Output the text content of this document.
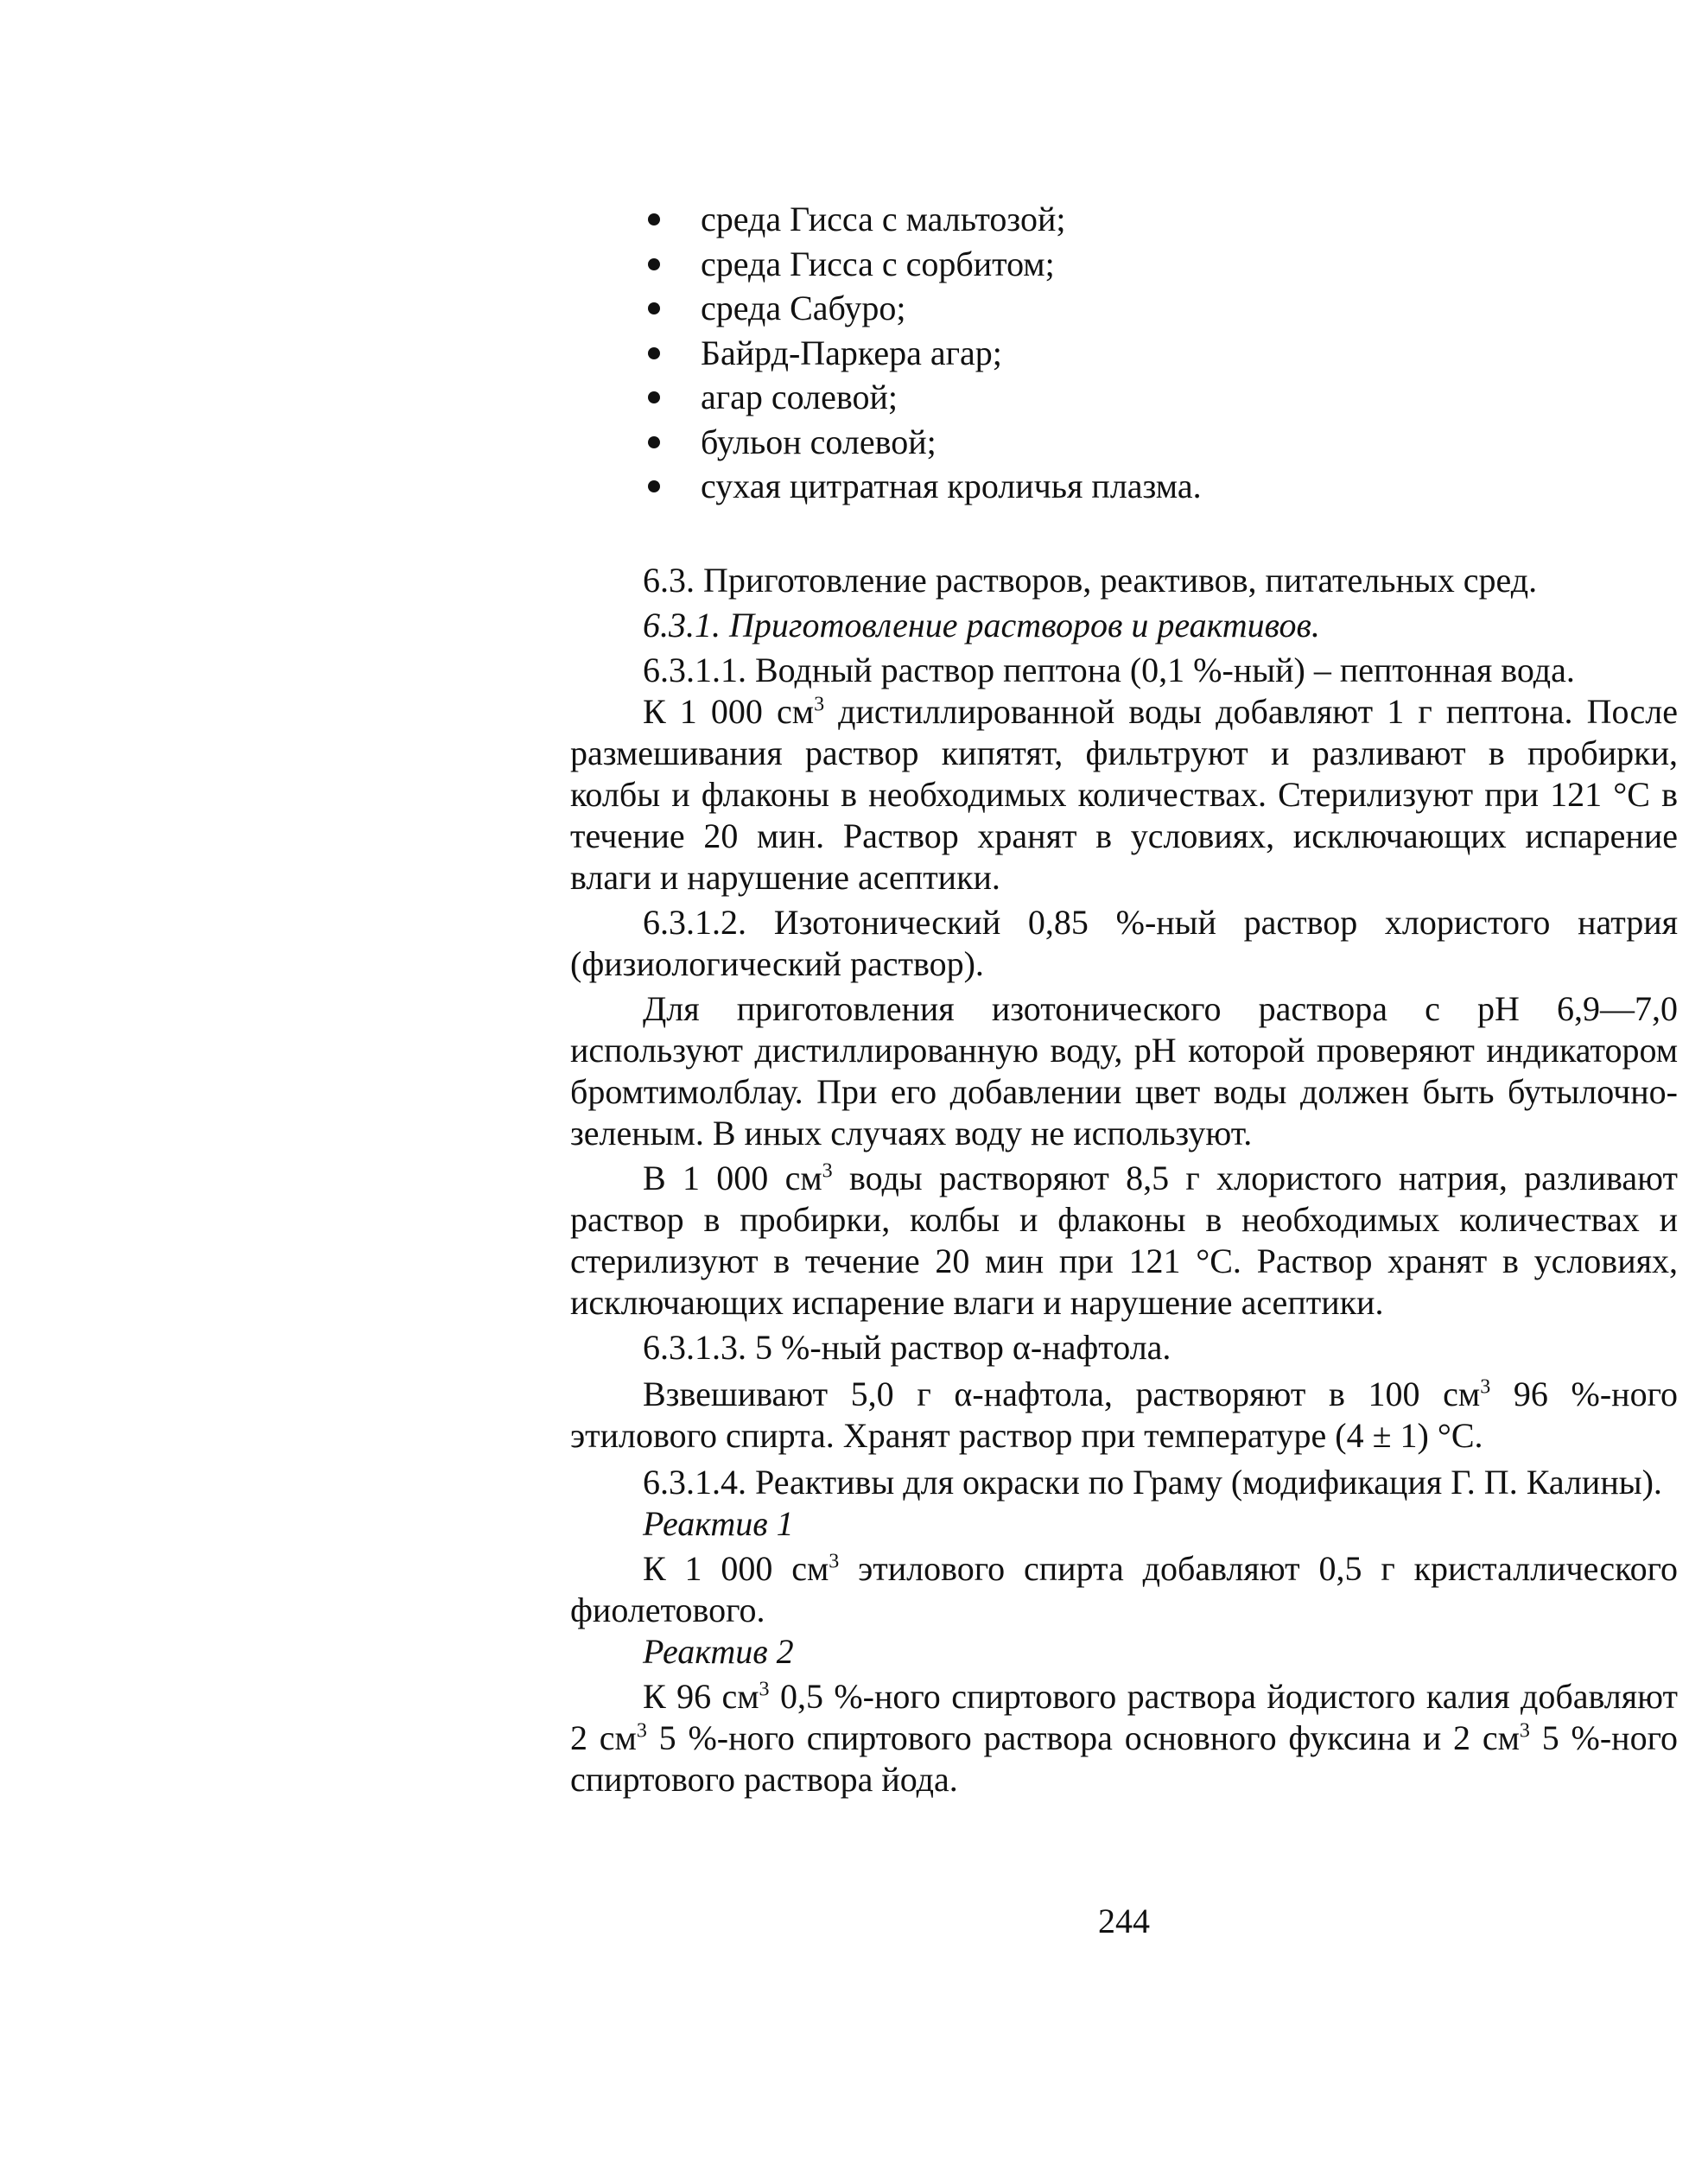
среда Гисса с мальтозой;
среда Гисса с сорбитом;
среда Сабуро;
Байрд-Паркера агар;
агар солевой;
бульон солевой;
сухая цитратная кроличья плазма.

6.3. Приготовление растворов, реактивов, питательных сред.

6.3.1. Приготовление растворов и реактивов.

6.3.1.1. Водный раствор пептона (0,1 %-ный) – пептонная вода.

К 1 000 $см^3$ дистиллированной воды добавляют 1 г пептона. После размешивания раствор кипятят, фильтруют и разливают в пробирки, колбы и флаконы в необходимых количествах. Стерилизуют при 121 °С в течение 20 мин. Раствор хранят в условиях, исключающих испарение влаги и нарушение асептики.

6.3.1.2. Изотонический 0,85 %-ный раствор хлористого натрия (физиологический раствор).

Для приготовления изотонического раствора с pH 6,9—7,0 используют дистиллированную воду, pH которой проверяют индикатором бромтимолблау. При его добавлении цвет воды должен быть бутылочно-зеленым. В иных случаях воду не используют.

В 1 000 $см^3$ воды растворяют 8,5 г хлористого натрия, разливают раствор в пробирки, колбы и флаконы в необходимых количествах и стерилизуют в течение 20 мин при 121 °С. Раствор хранят в условиях, исключающих испарение влаги и нарушение асептики.

6.3.1.3. 5 %-ный раствор α-нафтола.

Взвешивают 5,0 г α-нафтола, растворяют в 100 $см^3$ 96 %-ного этилового спирта. Хранят раствор при температуре (4 ± 1) °С.

6.3.1.4. Реактивы для окраски по Граму (модификация Г. П. Калины).

Реактив 1

К 1 000 $см^3$ этилового спирта добавляют 0,5 г кристаллического фиолетового.

Реактив 2

К 96 $см^3$ 0,5 %-ного спиртового раствора йодистого калия добавляют 2 $см^3$ 5 %-ного спиртового раствора основного фуксина и 2 $см^3$ 5 %-ного спиртового раствора йода.

244
